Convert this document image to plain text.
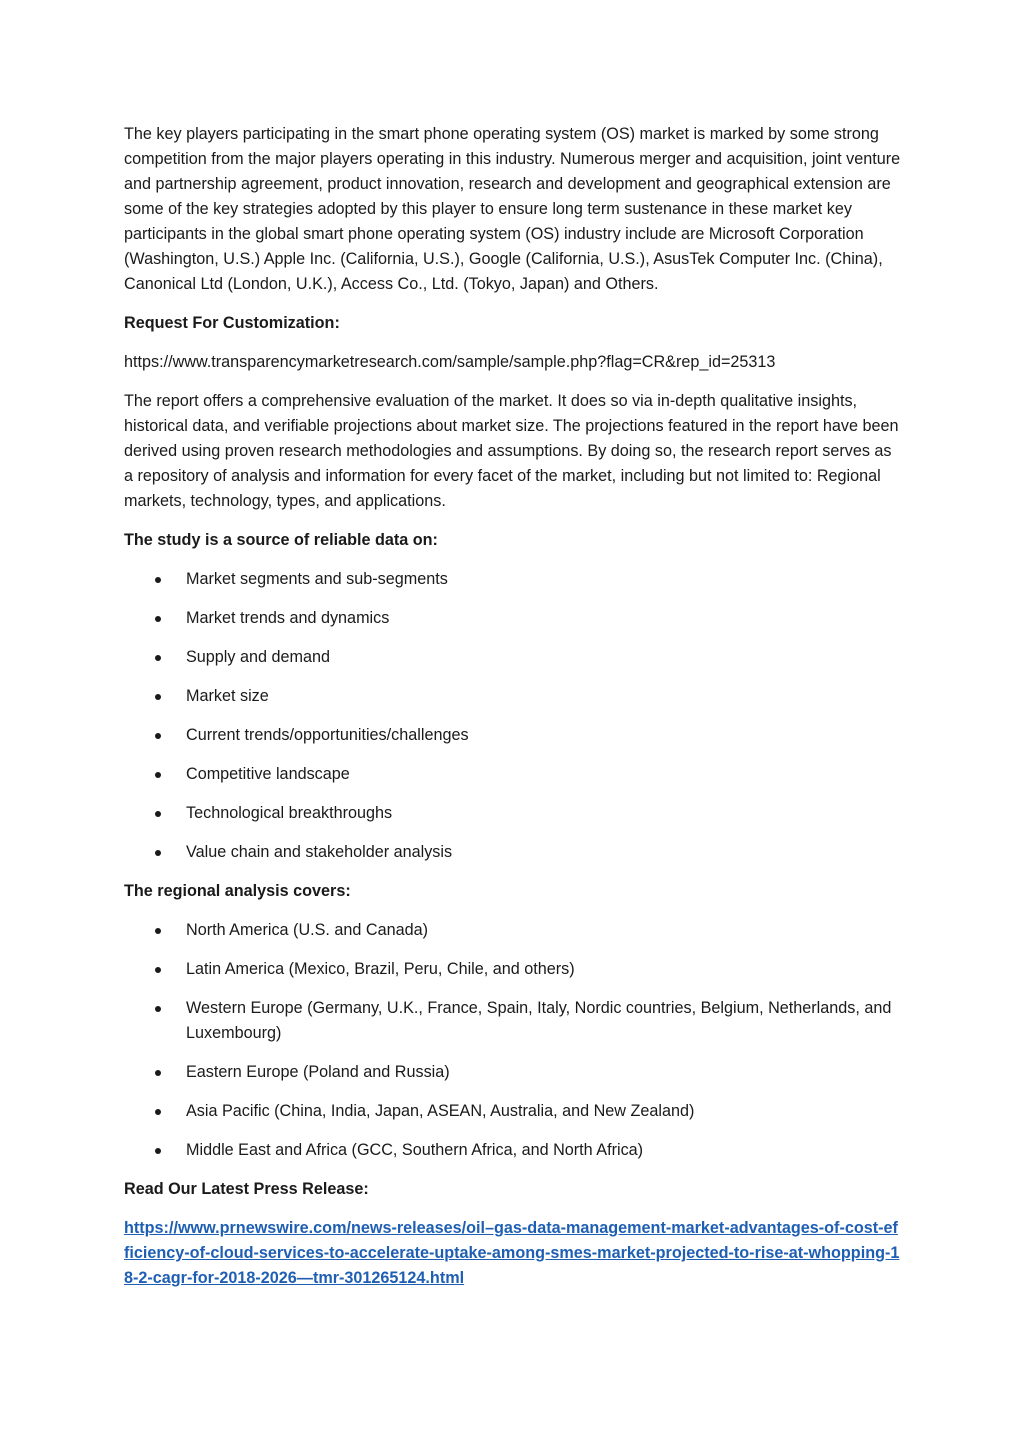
The key players participating in the smart phone operating system (OS) market is marked by some strong competition from the major players operating in this industry. Numerous merger and acquisition, joint venture and partnership agreement, product innovation, research and development and geographical extension are some of the key strategies adopted by this player to ensure long term sustenance in these market key participants in the global smart phone operating system (OS) industry include are Microsoft Corporation (Washington, U.S.) Apple Inc. (California, U.S.), Google (California, U.S.), AsusTek Computer Inc. (China), Canonical Ltd (London, U.K.), Access Co., Ltd. (Tokyo, Japan) and Others.

Request For Customization:

https://www.transparencymarketresearch.com/sample/sample.php?flag=CR&rep_id=25313

The report offers a comprehensive evaluation of the market. It does so via in-depth qualitative insights, historical data, and verifiable projections about market size. The projections featured in the report have been derived using proven research methodologies and assumptions. By doing so, the research report serves as a repository of analysis and information for every facet of the market, including but not limited to: Regional markets, technology, types, and applications.

The study is a source of reliable data on:

Market segments and sub-segments
Market trends and dynamics
Supply and demand
Market size
Current trends/opportunities/challenges
Competitive landscape
Technological breakthroughs
Value chain and stakeholder analysis

The regional analysis covers:

North America (U.S. and Canada)
Latin America (Mexico, Brazil, Peru, Chile, and others)
Western Europe (Germany, U.K., France, Spain, Italy, Nordic countries, Belgium, Netherlands, and Luxembourg)
Eastern Europe (Poland and Russia)
Asia Pacific (China, India, Japan, ASEAN, Australia, and New Zealand)
Middle East and Africa (GCC, Southern Africa, and North Africa)

Read Our Latest Press Release:

https://www.prnewswire.com/news-releases/oil–gas-data-management-market-advantages-of-cost-efficiency-of-cloud-services-to-accelerate-uptake-among-smes-market-projected-to-rise-at-whopping-18-2-cagr-for-2018-2026—tmr-301265124.html
